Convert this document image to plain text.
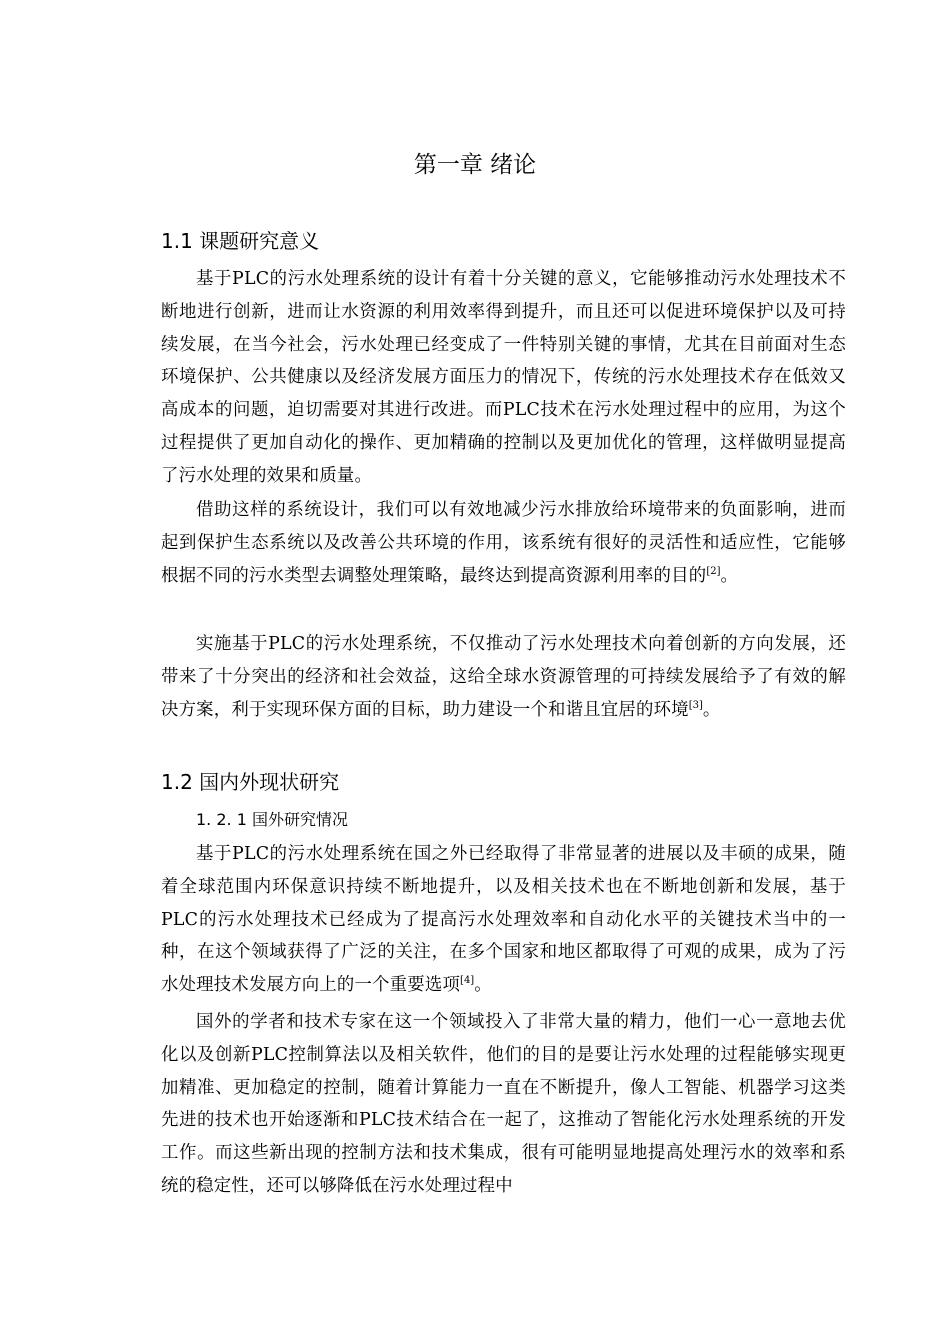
第一章 绪论
1.1 课题研究意义

基于PLC的污水处理系统的设计有着十分关键的意义，它能够推动污水处理技术不断地进行创新，进而让水资源的利用效率得到提升，而且还可以促进环境保护以及可持续发展，在当今社会，污水处理已经变成了一件特别关键的事情，尤其在目前面对生态环境保护、公共健康以及经济发展方面压力的情况下，传统的污水处理技术存在低效又高成本的问题，迫切需要对其进行改进。而PLC技术在污水处理过程中的应用，为这个过程提供了更加自动化的操作、更加精确的控制以及更加优化的管理，这样做明显提高了污水处理的效果和质量。

借助这样的系统设计，我们可以有效地减少污水排放给环境带来的负面影响，进而起到保护生态系统以及改善公共环境的作用，该系统有很好的灵活性和适应性，它能够根据不同的污水类型去调整处理策略，最终达到提高资源利用率的目的[2]。

实施基于PLC的污水处理系统，不仅推动了污水处理技术向着创新的方向发展，还带来了十分突出的经济和社会效益，这给全球水资源管理的可持续发展给予了有效的解决方案，利于实现环保方面的目标，助力建设一个和谐且宜居的环境[3]。

1.2 国内外现状研究
1. 2. 1 国外研究情况

基于PLC的污水处理系统在国之外已经取得了非常显著的进展以及丰硕的成果，随着全球范围内环保意识持续不断地提升，以及相关技术也在不断地创新和发展，基于PLC的污水处理技术已经成为了提高污水处理效率和自动化水平的关键技术当中的一种，在这个领域获得了广泛的关注，在多个国家和地区都取得了可观的成果，成为了污水处理技术发展方向上的一个重要选项[4]。

国外的学者和技术专家在这一个领域投入了非常大量的精力，他们一心一意地去优化以及创新PLC控制算法以及相关软件，他们的目的是要让污水处理的过程能够实现更加精准、更加稳定的控制，随着计算能力一直在不断提升，像人工智能、机器学习这类先进的技术也开始逐渐和PLC技术结合在一起了，这推动了智能化污水处理系统的开发工作。而这些新出现的控制方法和技术集成，很有可能明显地提高处理污水的效率和系统的稳定性，还可以够降低在污水处理过程中
